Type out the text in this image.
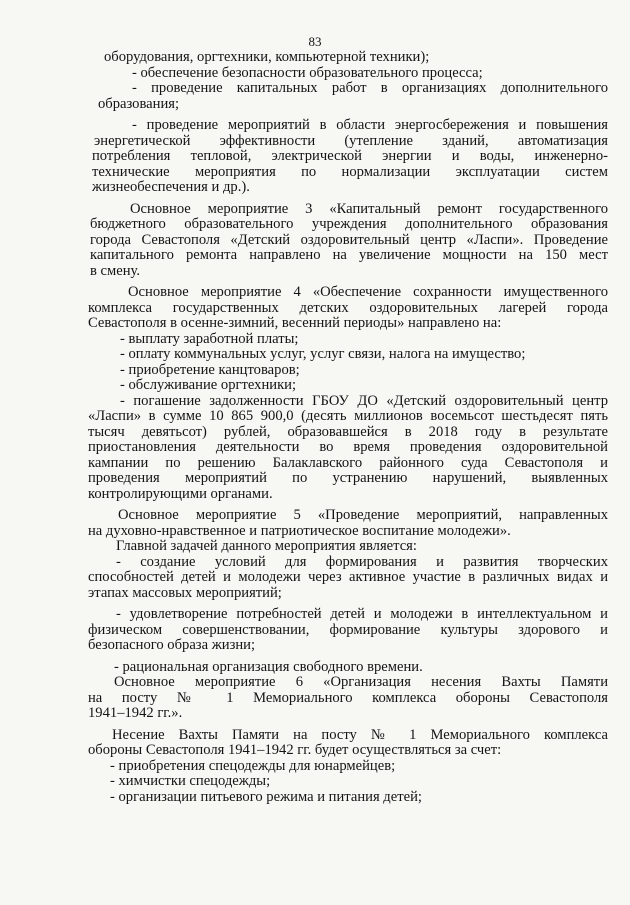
83
оборудования, оргтехники, компьютерной техники);
- обеспечение безопасности образовательного процесса;
- проведение капитальных работ в организациях дополнительного
образования;
- проведение мероприятий в области энергосбережения и повышения
энергетической эффективности (утепление зданий, автоматизация
потребления тепловой, электрической энергии и воды, инженерно-
технические мероприятия по нормализации эксплуатации систем
жизнеобеспечения и др.).
Основное мероприятие 3 «Капитальный ремонт государственного
бюджетного образовательного учреждения дополнительного образования
города Севастополя «Детский оздоровительный центр «Ласпи». Проведение
капитального ремонта направлено на увеличение мощности на 150 мест
в смену.
Основное мероприятие 4 «Обеспечение сохранности имущественного
комплекса государственных детских оздоровительных лагерей города
Севастополя в осенне-зимний, весенний периоды» направлено на:
- выплату заработной платы;
- оплату коммунальных услуг, услуг связи, налога на имущество;
- приобретение канцтоваров;
- обслуживание оргтехники;
- погашение задолженности ГБОУ ДО «Детский оздоровительный центр
«Ласпи» в сумме 10 865 900,0 (десять миллионов восемьсот шестьдесят пять
тысяч девятьсот) рублей, образовавшейся в 2018 году в результате
приостановления деятельности во время проведения оздоровительной
кампании по решению Балаклавского районного суда Севастополя и
проведения мероприятий по устранению нарушений, выявленных
контролирующими органами.
Основное мероприятие 5 «Проведение мероприятий, направленных
на духовно-нравственное и патриотическое воспитание молодежи».
Главной задачей данного мероприятия является:
- создание условий для формирования и развития творческих
способностей детей и молодежи через активное участие в различных видах и
этапах массовых мероприятий;
- удовлетворение потребностей детей и молодежи в интеллектуальном и
физическом совершенствовании, формирование культуры здорового и
безопасного образа жизни;
- рациональная организация свободного времени.
Основное мероприятие 6 «Организация несения Вахты Памяти
на посту № 1 Мемориального комплекса обороны Севастополя
1941–1942 гг.».
Несение Вахты Памяти на посту № 1 Мемориального комплекса
обороны Севастополя 1941–1942 гг. будет осуществляться за счет:
- приобретения спецодежды для юнармейцев;
- химчистки спецодежды;
- организации питьевого режима и питания детей;
